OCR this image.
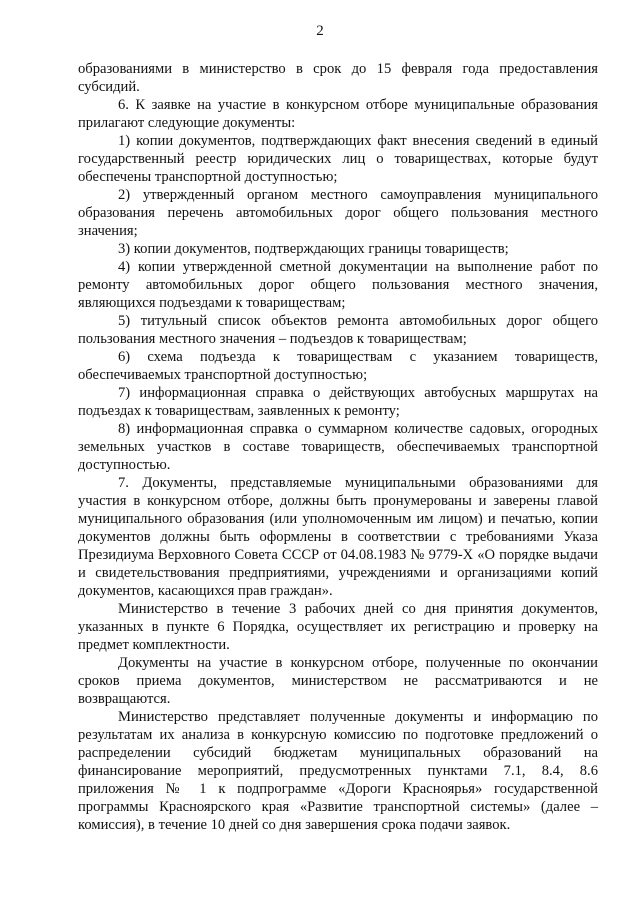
2

образованиями в министерство в срок до 15 февраля года предоставления субсидий.

6. К заявке на участие в конкурсном отборе муниципальные образования прилагают следующие документы:

1) копии документов, подтверждающих факт внесения сведений в единый государственный реестр юридических лиц о товариществах, которые будут обеспечены транспортной доступностью;

2) утвержденный органом местного самоуправления муниципального образования перечень автомобильных дорог общего пользования местного значения;

3) копии документов, подтверждающих границы товариществ;

4) копии утвержденной сметной документации на выполнение работ по ремонту автомобильных дорог общего пользования местного значения, являющихся подъездами к товариществам;

5) титульный список объектов ремонта автомобильных дорог общего пользования местного значения – подъездов к товариществам;

6) схема подъезда к товариществам с указанием товариществ, обеспечиваемых транспортной доступностью;

7) информационная справка о действующих автобусных маршрутах на подъездах к товариществам, заявленных к ремонту;

8) информационная справка о суммарном количестве садовых, огородных земельных участков в составе товариществ, обеспечиваемых транспортной доступностью.

7. Документы, представляемые муниципальными образованиями для участия в конкурсном отборе, должны быть пронумерованы и заверены главой муниципального образования (или уполномоченным им лицом) и печатью, копии документов должны быть оформлены в соответствии с требованиями Указа Президиума Верховного Совета СССР от 04.08.1983 № 9779-X «О порядке выдачи и свидетельствования предприятиями, учреждениями и организациями копий документов, касающихся прав граждан».

Министерство в течение 3 рабочих дней со дня принятия документов, указанных в пункте 6 Порядка, осуществляет их регистрацию и проверку на предмет комплектности.

Документы на участие в конкурсном отборе, полученные по окончании сроков приема документов, министерством не рассматриваются и не возвращаются.

Министерство представляет полученные документы и информацию по результатам их анализа в конкурсную комиссию по подготовке предложений о распределении субсидий бюджетам муниципальных образований на финансирование мероприятий, предусмотренных пунктами 7.1, 8.4, 8.6 приложения № 1 к подпрограмме «Дороги Красноярья» государственной программы Красноярского края «Развитие транспортной системы» (далее – комиссия), в течение 10 дней со дня завершения срока подачи заявок.
